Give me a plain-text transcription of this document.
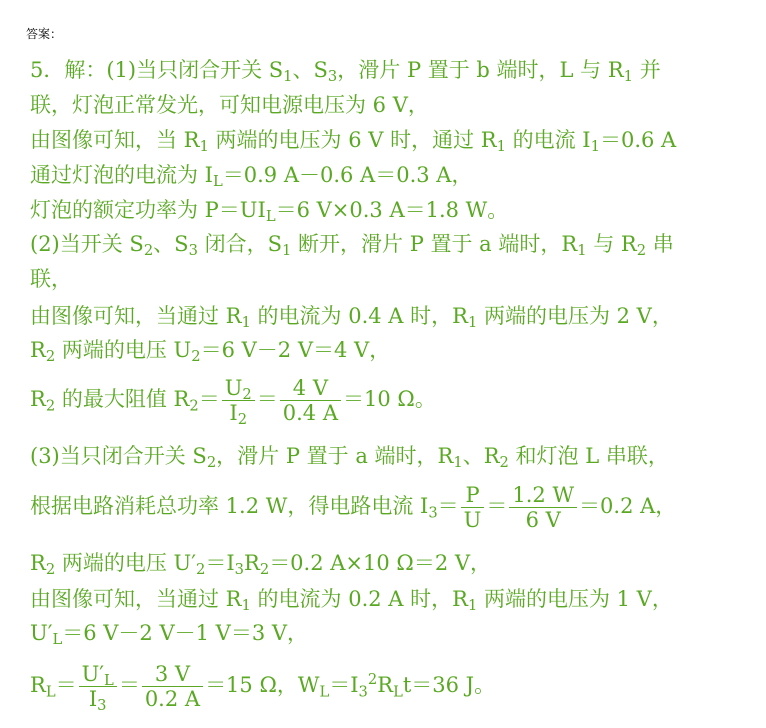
答案：
5．解：(1)当只闭合开关 $S_1$、$S_3$，滑片 P 置于 b 端时，L 与 $R_1$ 并
联，灯泡正常发光，可知电源电压为 6 V，
由图像可知，当 $R_1$ 两端的电压为 6 V 时，通过 $R_1$ 的电流 $I_1=0.6$ A
通过灯泡的电流为 $I_L=0.9$ A－0.6 A＝0.3 A，
灯泡的额定功率为 $P=UI_L=6$ V×0.3 A＝1.8 W。
(2)当开关 $S_2$、$S_3$ 闭合，$S_1$ 断开，滑片 P 置于 a 端时，$R_1$ 与 $R_2$ 串
联，
由图像可知，当通过 $R_1$ 的电流为 0.4 A 时，$R_1$ 两端的电压为 2 V，
$R_2$ 两端的电压 $U_2=6$ V－2 V＝4 V，
$R_2$ 的最大阻值 $R_2= \frac{U_2}{I_2} = \frac{4 V}{0.4 A} =10$ Ω。
(3)当只闭合开关 $S_2$，滑片 P 置于 a 端时，$R_1$、$R_2$ 和灯泡 L 串联，
根据电路消耗总功率 1.2 W，得电路电流 $I_3= \frac{P}{U} = \frac{1.2 W}{6 V} =0.2$ A，
$R_2$ 两端的电压 $U'_2=I_3R_2=0.2$ A×10 Ω＝2 V，
由图像可知，当通过 $R_1$ 的电流为 0.2 A 时，$R_1$ 两端的电压为 1 V，
$U'_L=6$ V－2 V－1 V＝3 V，
$R_L= \frac{U'_L}{I_3} = \frac{3 V}{0.2 A} =15$ Ω，$W_L=I_3^2R_Lt=36$ J。
